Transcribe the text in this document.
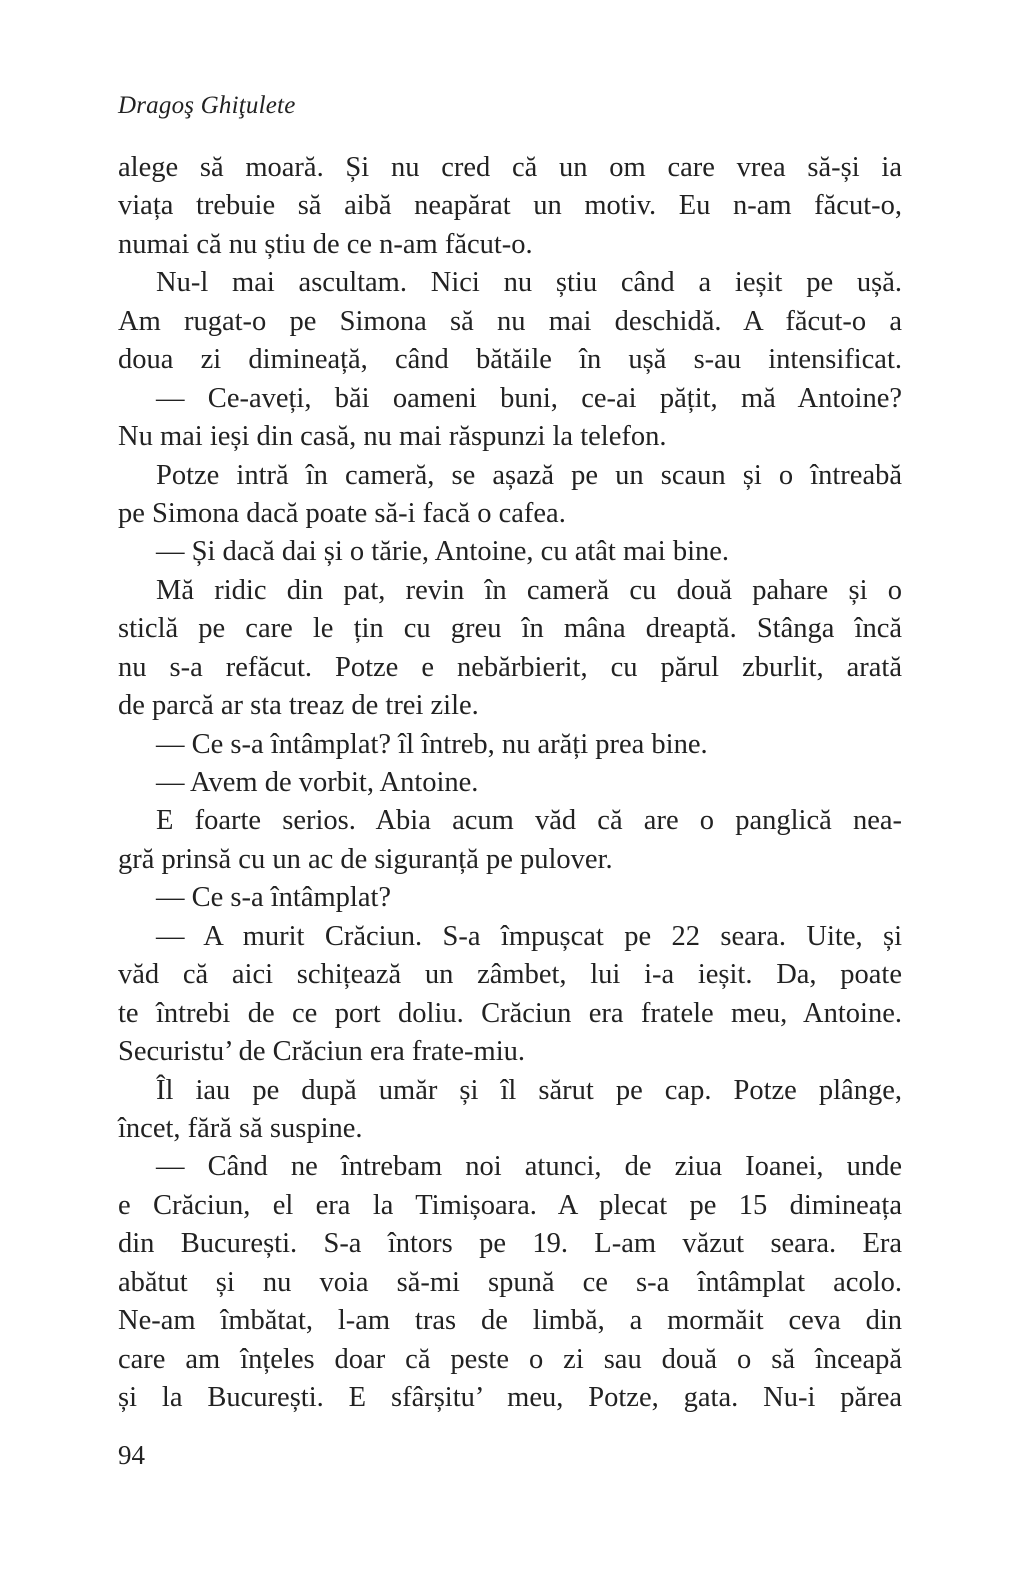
Dragoş Ghiţulete
alege să moară. Și nu cred că un om care vrea să-și ia
viața trebuie să aibă neapărat un motiv. Eu n-am făcut-o,
numai că nu știu de ce n-am făcut-o.
Nu-l mai ascultam. Nici nu știu când a ieșit pe ușă.
Am rugat-o pe Simona să nu mai deschidă. A făcut-o a
doua zi dimineață, când bătăile în ușă s-au intensificat.
— Ce-aveți, băi oameni buni, ce-ai pățit, mă Antoine?
Nu mai ieși din casă, nu mai răspunzi la telefon.
Potze intră în cameră, se așază pe un scaun și o întreabă
pe Simona dacă poate să-i facă o cafea.
— Și dacă dai și o tărie, Antoine, cu atât mai bine.
Mă ridic din pat, revin în cameră cu două pahare și o
sticlă pe care le țin cu greu în mâna dreaptă. Stânga încă
nu s-a refăcut. Potze e nebărbierit, cu părul zburlit, arată
de parcă ar sta treaz de trei zile.
— Ce s-a întâmplat? îl întreb, nu arăți prea bine.
— Avem de vorbit, Antoine.
E foarte serios. Abia acum văd că are o panglică nea-
gră prinsă cu un ac de siguranță pe pulover.
— Ce s-a întâmplat?
— A murit Crăciun. S-a împușcat pe 22 seara. Uite, și
văd că aici schițează un zâmbet, lui i-a ieșit. Da, poate
te întrebi de ce port doliu. Crăciun era fratele meu, Antoine.
Securistu’ de Crăciun era frate-miu.
Îl iau pe după umăr și îl sărut pe cap. Potze plânge,
încet, fără să suspine.
— Când ne întrebam noi atunci, de ziua Ioanei, unde
e Crăciun, el era la Timișoara. A plecat pe 15 dimineața
din București. S-a întors pe 19. L-am văzut seara. Era
abătut și nu voia să-mi spună ce s-a întâmplat acolo.
Ne-am îmbătat, l-am tras de limbă, a mormăit ceva din
care am înțeles doar că peste o zi sau două o să înceapă
și la București. E sfârșitu’ meu, Potze, gata. Nu-i părea
94
